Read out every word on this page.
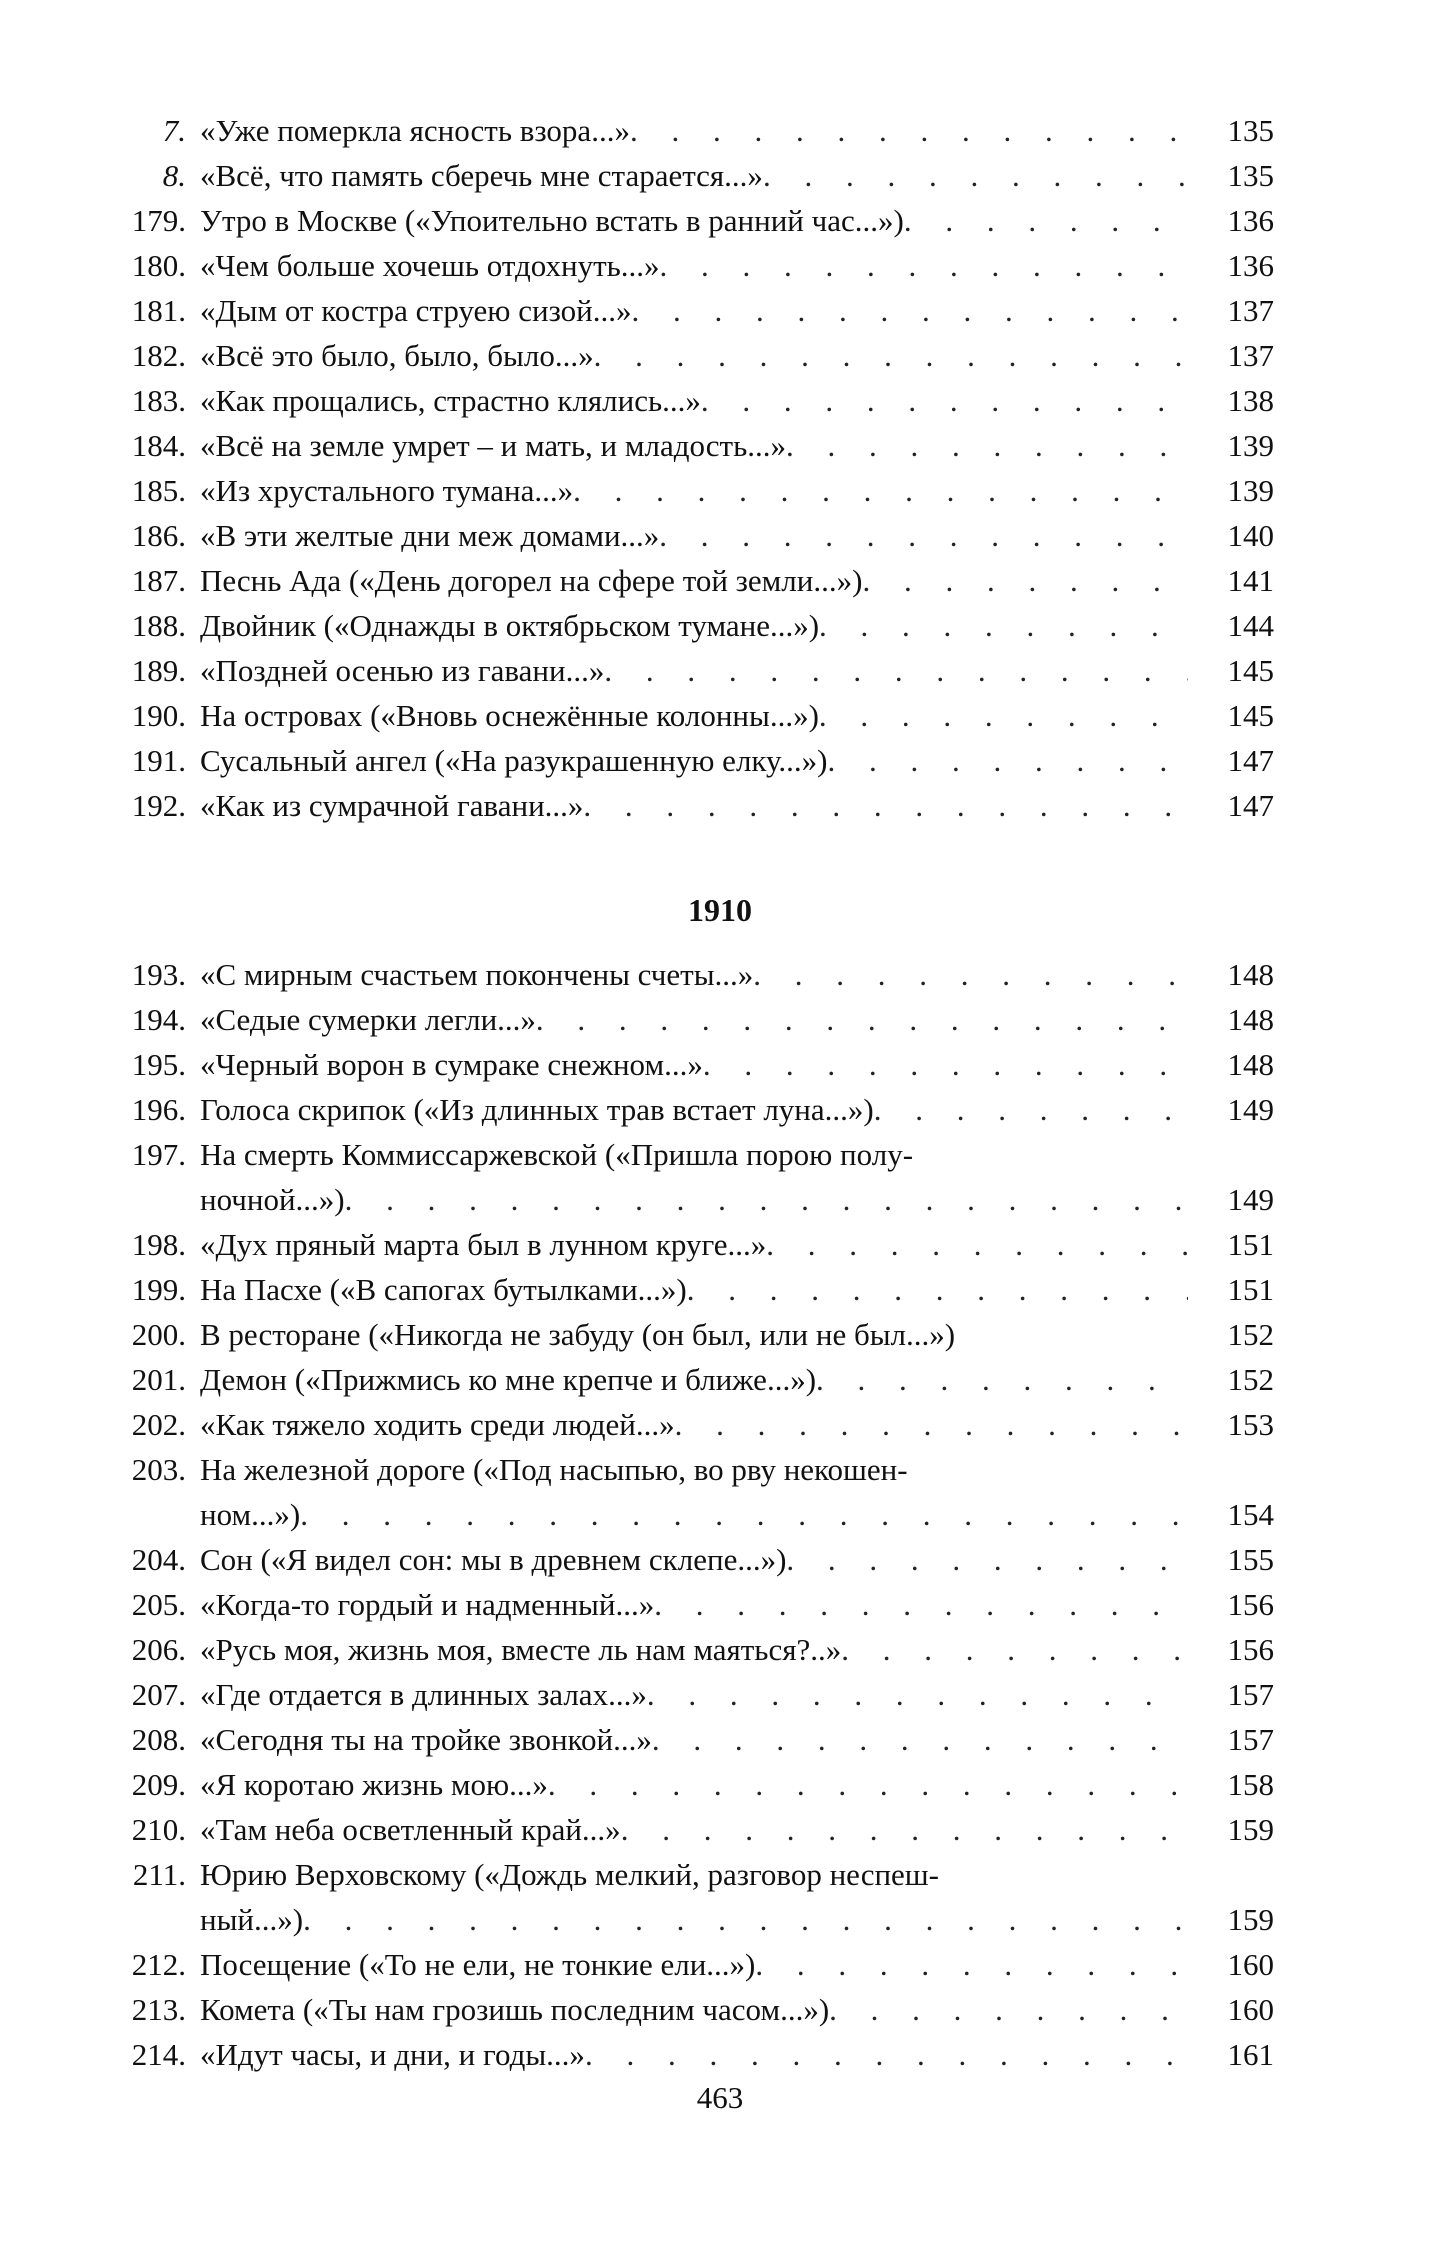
7. «Уже померкла ясность взора...» . . .	135
8. «Всё, что память сберечь мне старается...» . . .	135
179. Утро в Москве («Упоительно встать в ранний час...») . . .	136
180. «Чем больше хочешь отдохнуть...» . . .	136
181. «Дым от костра струею сизой...» . . .	137
182. «Всё это было, было, было...» . . .	137
183. «Как прощались, страстно клялись...» . . .	138
184. «Всё на земле умрет – и мать, и младость...» . . .	139
185. «Из хрустального тумана...» . . .	139
186. «В эти желтые дни меж домами...» . . .	140
187. Песнь Ада («День догорел на сфере той земли...») . . .	141
188. Двойник («Однажды в октябрьском тумане...») . . .	144
189. «Поздней осенью из гавани...» . . .	145
190. На островах («Вновь оснежённые колонны...») . . .	145
191. Сусальный ангел («На разукрашенную елку...») . . .	147
192. «Как из сумрачной гавани...» . . .	147
1910
193. «С мирным счастьем покончены счеты...» . . .	148
194. «Седые сумерки легли...» . . .	148
195. «Черный ворон в сумраке снежном...» . . .	148
196. Голоса скрипок («Из длинных трав встает луна...») . . .	149
197. На смерть Коммиссаржевской («Пришла порою полу-
ночной...») . . .	149
198. «Дух пряный марта был в лунном круге...» . . .	151
199. На Пасхе («В сапогах бутылками...») . . .	151
200. В ресторане («Никогда не забуду (он был, или не был...»)	152
201. Демон («Прижмись ко мне крепче и ближе...») . . .	152
202. «Как тяжело ходить среди людей...» . . .	153
203. На железной дороге («Под насыпью, во рву некошен-
ном...») . . .	154
204. Сон («Я видел сон: мы в древнем склепе...») . . .	155
205. «Когда-то гордый и надменный...» . . .	156
206. «Русь моя, жизнь моя, вместе ль нам маяться?..» . . .	156
207. «Где отдается в длинных залах...» . . .	157
208. «Сегодня ты на тройке звонкой...» . . .	157
209. «Я коротаю жизнь мою...» . . .	158
210. «Там неба осветленный край...» . . .	159
211. Юрию Верховскому («Дождь мелкий, разговор неспеш-
ный...») . . .	159
212. Посещение («То не ели, не тонкие ели...») . . .	160
213. Комета («Ты нам грозишь последним часом...») . . .	160
214. «Идут часы, и дни, и годы...» . . .	161
463
